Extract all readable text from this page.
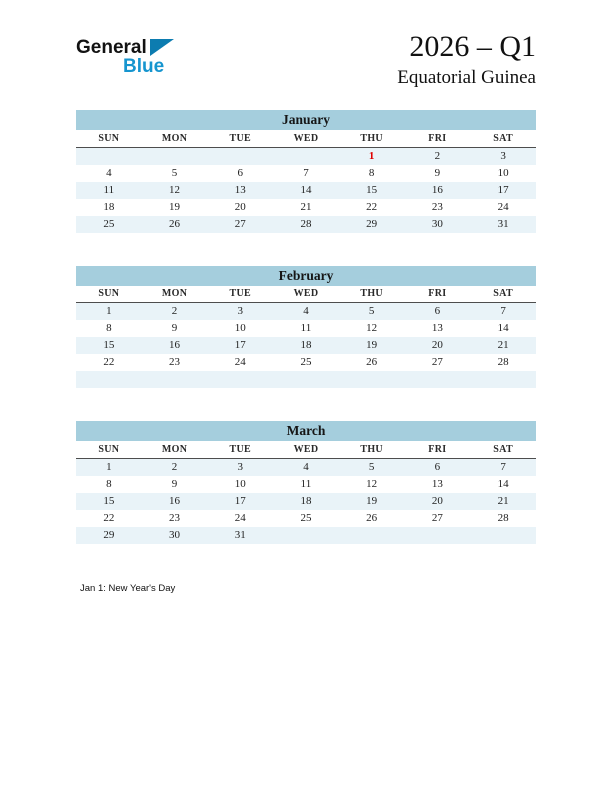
General
Blue
2026 – Q1
Equatorial Guinea
January
SUN	MON	TUE	WED	THU	FRI	SAT
				1	2	3
4	5	6	7	8	9	10
11	12	13	14	15	16	17
18	19	20	21	22	23	24
25	26	27	28	29	30	31
February
SUN	MON	TUE	WED	THU	FRI	SAT
1	2	3	4	5	6	7
8	9	10	11	12	13	14
15	16	17	18	19	20	21
22	23	24	25	26	27	28

March
SUN	MON	TUE	WED	THU	FRI	SAT
1	2	3	4	5	6	7
8	9	10	11	12	13	14
15	16	17	18	19	20	21
22	23	24	25	26	27	28
29	30	31				
Jan 1: New Year's Day
